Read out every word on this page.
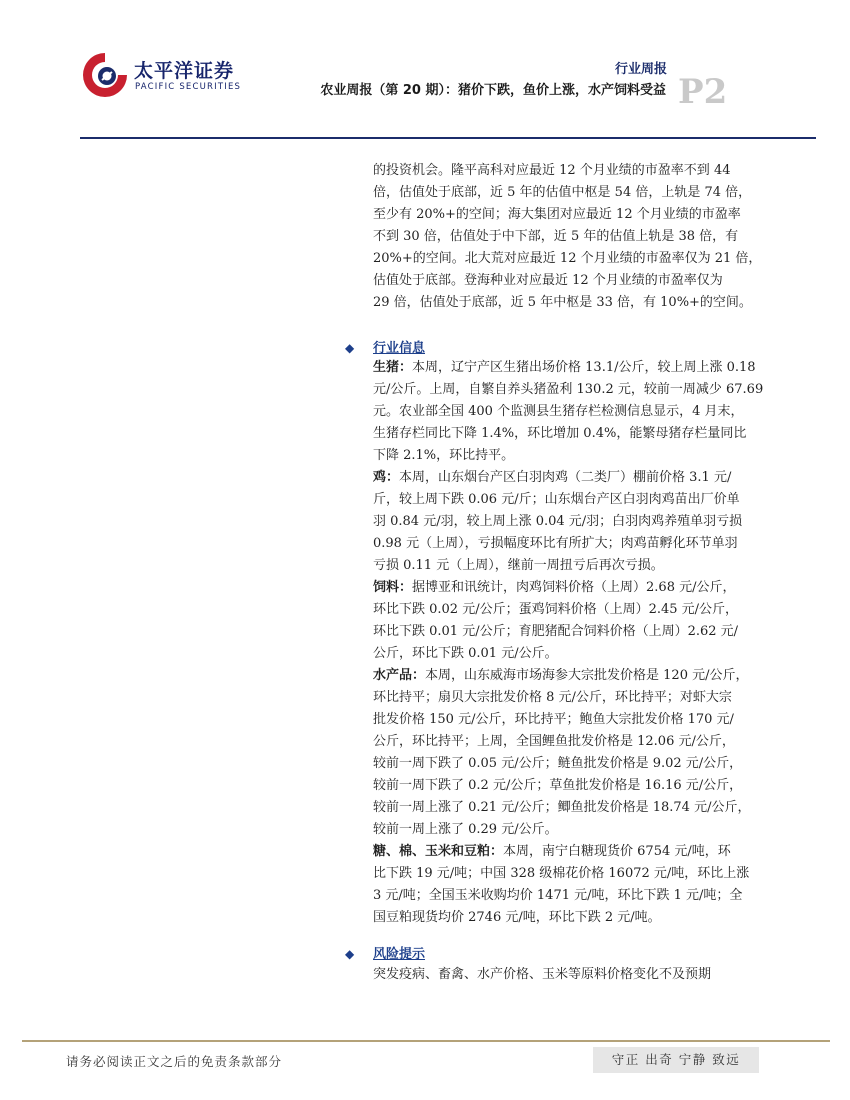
太平洋证券
PACIFIC SECURITIES
行业周报
农业周报（第 20 期）：猪价下跌，鱼价上涨，水产饲料受益 P2

的投资机会。隆平高科对应最近 12 个月业绩的市盈率不到 44

倍，估值处于底部，近 5 年的估值中枢是 54 倍，上轨是 74 倍，

至少有 20%+的空间；海大集团对应最近 12 个月业绩的市盈率

不到 30 倍，估值处于中下部，近 5 年的估值上轨是 38 倍，有

20%+的空间。北大荒对应最近 12 个月业绩的市盈率仅为 21 倍，

估值处于底部。登海种业对应最近 12 个月业绩的市盈率仅为

29 倍，估值处于底部，近 5 年中枢是 33 倍，有 10%+的空间。

◆ 行业信息

生猪：本周，辽宁产区生猪出场价格 13.1/公斤，较上周上涨 0.18

元/公斤。上周，自繁自养头猪盈利 130.2 元，较前一周减少 67.69

元。农业部全国 400 个监测县生猪存栏检测信息显示，4 月末，

生猪存栏同比下降 1.4%，环比增加 0.4%，能繁母猪存栏量同比

下降 2.1%，环比持平。

鸡：本周，山东烟台产区白羽肉鸡（二类厂）棚前价格 3.1 元/

斤，较上周下跌 0.06 元/斤；山东烟台产区白羽肉鸡苗出厂价单

羽 0.84 元/羽，较上周上涨 0.04 元/羽；白羽肉鸡养殖单羽亏损

0.98 元（上周），亏损幅度环比有所扩大；肉鸡苗孵化环节单羽

亏损 0.11 元（上周），继前一周扭亏后再次亏损。

饲料：据博亚和讯统计，肉鸡饲料价格（上周）2.68 元/公斤，

环比下跌 0.02 元/公斤；蛋鸡饲料价格（上周）2.45 元/公斤，

环比下跌 0.01 元/公斤；育肥猪配合饲料价格（上周）2.62 元/

公斤，环比下跌 0.01 元/公斤。

水产品：本周，山东威海市场海参大宗批发价格是 120 元/公斤，

环比持平；扇贝大宗批发价格 8 元/公斤，环比持平；对虾大宗

批发价格 150 元/公斤，环比持平；鲍鱼大宗批发价格 170 元/

公斤，环比持平；上周，全国鲤鱼批发价格是 12.06 元/公斤，

较前一周下跌了 0.05 元/公斤；鲢鱼批发价格是 9.02 元/公斤，

较前一周下跌了 0.2 元/公斤；草鱼批发价格是 16.16 元/公斤，

较前一周上涨了 0.21 元/公斤；鲫鱼批发价格是 18.74 元/公斤，

较前一周上涨了 0.29 元/公斤。

糖、棉、玉米和豆粕：本周，南宁白糖现货价 6754 元/吨，环

比下跌 19 元/吨；中国 328 级棉花价格 16072 元/吨，环比上涨

3 元/吨；全国玉米收购均价 1471 元/吨，环比下跌 1 元/吨；全

国豆粕现货均价 2746 元/吨，环比下跌 2 元/吨。

◆ 风险提示

突发疫病、畜禽、水产价格、玉米等原料价格变化不及预期

请务必阅读正文之后的免责条款部分	守正 出奇 宁静 致远
